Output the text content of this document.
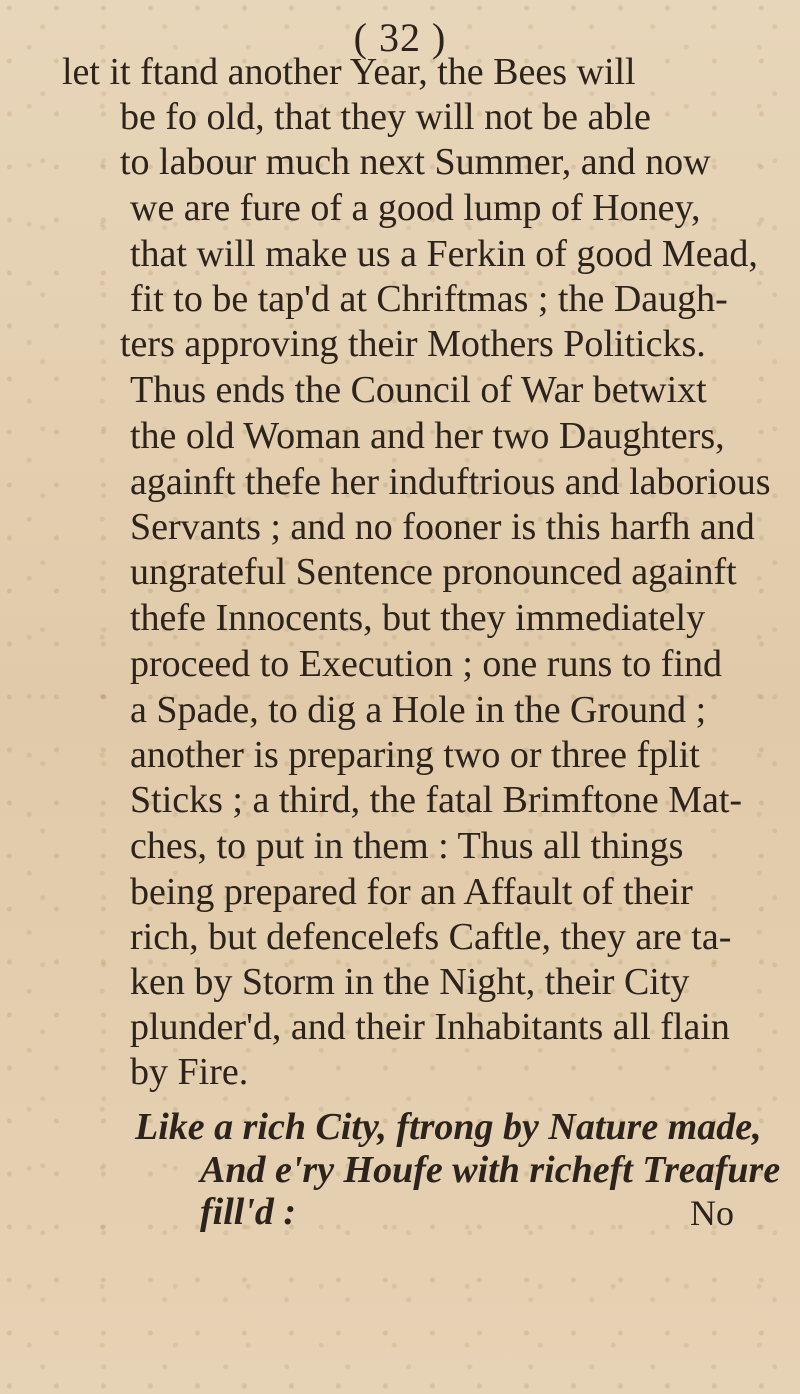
( 32 )
let it ftand another Year, the Bees will
be fo old, that they will not be able
to labour much next Summer, and now
we are fure of a good lump of Honey,
that will make us a Ferkin of good Mead,
fit to be tap'd at Chriftmas ; the Daugh-
ters approving their Mothers Politicks.
Thus ends the Council of War betwixt
the old Woman and her two Daughters,
againft thefe her induftrious and laborious
Servants ; and no fooner is this harfh and
ungrateful Sentence pronounced againft
thefe Innocents, but they immediately
proceed to Execution ; one runs to find
a Spade, to dig a Hole in the Ground ;
another is preparing two or three fplit
Sticks ; a third, the fatal Brimftone Mat-
ches, to put in them : Thus all things
being prepared for an Affault of their
rich, but defencelefs Caftle, they are ta-
ken by Storm in the Night, their City
plunder'd, and their Inhabitants all flain
by Fire.
Like a rich City, ftrong by Nature made,
And e'ry Houfe with richeft Treafure
fill'd :	No
